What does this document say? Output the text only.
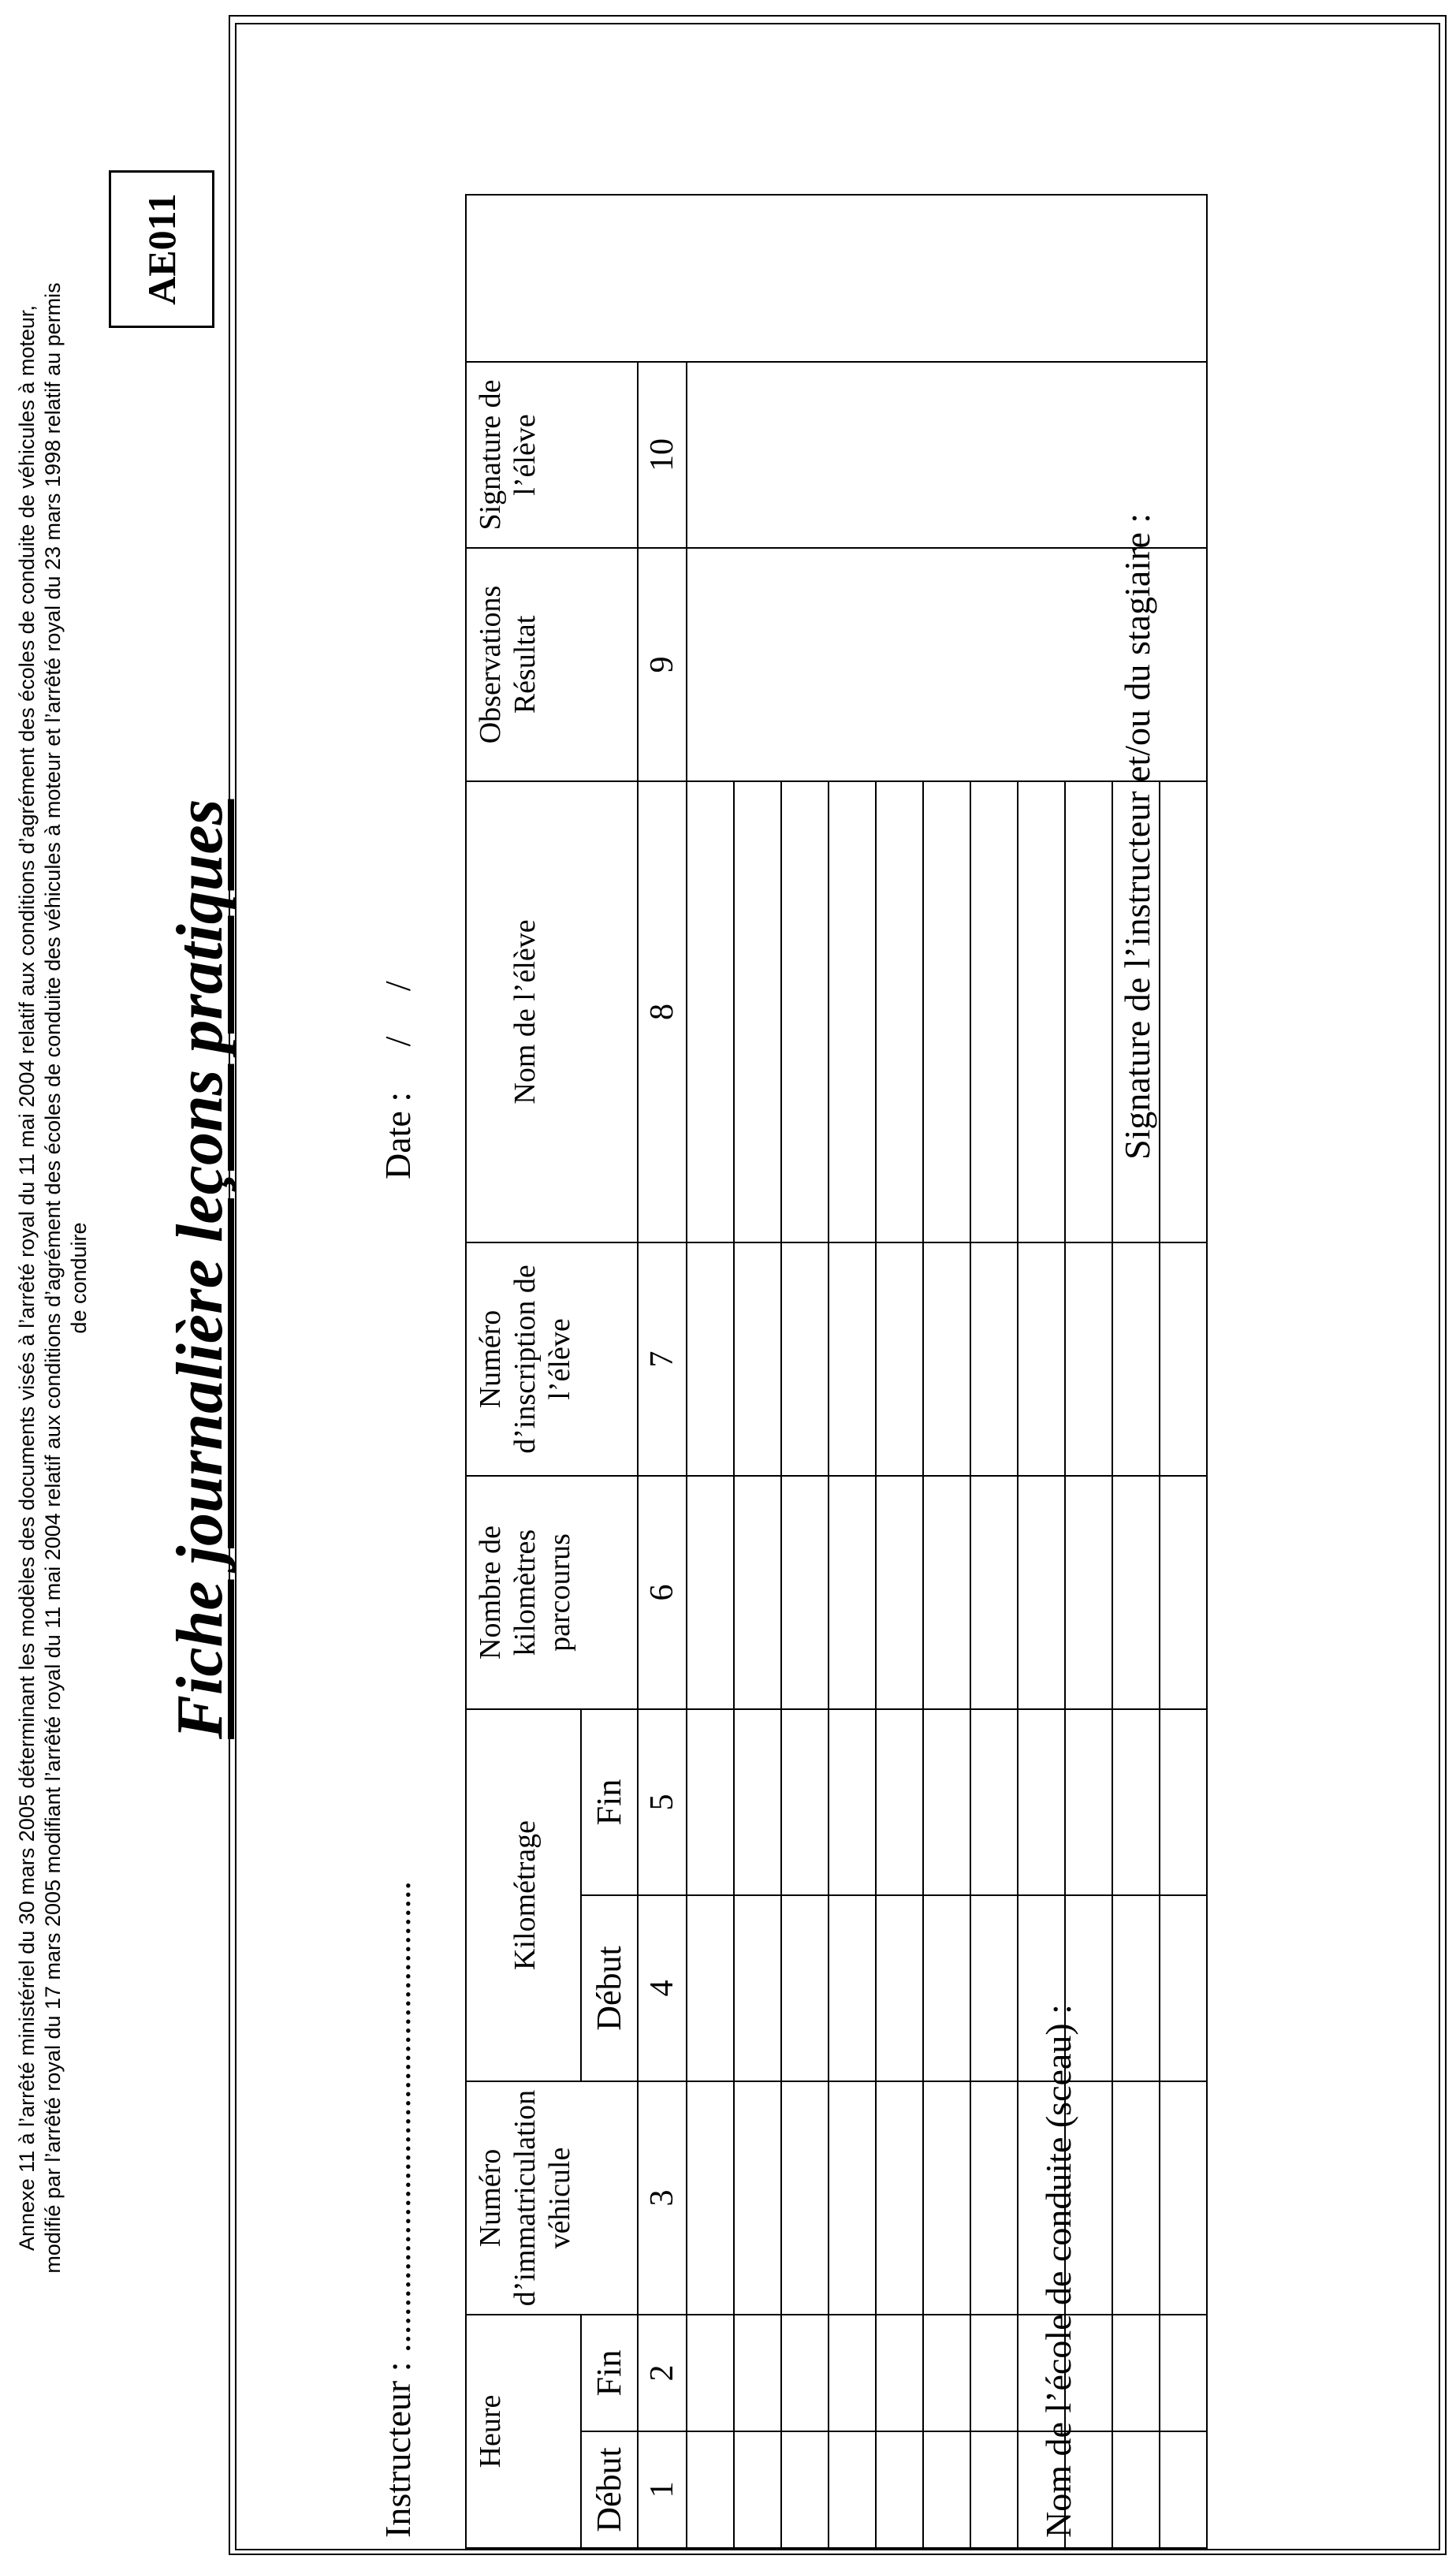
Annexe 11 à l’arrêté ministériel du 30 mars 2005 déterminant les modèles des documents visés à l’arrêté royal du 11 mai 2004 relatif aux conditions d’agrément des écoles de conduite de véhicules à moteur, modifié par l’arrêté royal du 17 mars 2005 modifiant l’arrêté royal du 11 mai 2004 relatif aux conditions d’agrément des écoles de conduite des véhicules à moteur et l’arrêté royal du 23 mars 1998 relatif au permis de conduire
AE011
Fiche journalière leçons pratiques
Instructeur : ....................................................
Date :     /     /
Heure		Numéro d’immatriculation véhicule	Kilométrage		Nombre de kilomètres parcourus	Numéro d’inscription de l’élève	Nom de l’élève	Observations Résultat	Signature de l’élève	
Début	Fin		Début	Fin						
1	2	3	4	5	6	7	8	9	10	

Nom de l’école de conduite (sceau) :
Signature de l’instructeur et/ou du stagiaire :
